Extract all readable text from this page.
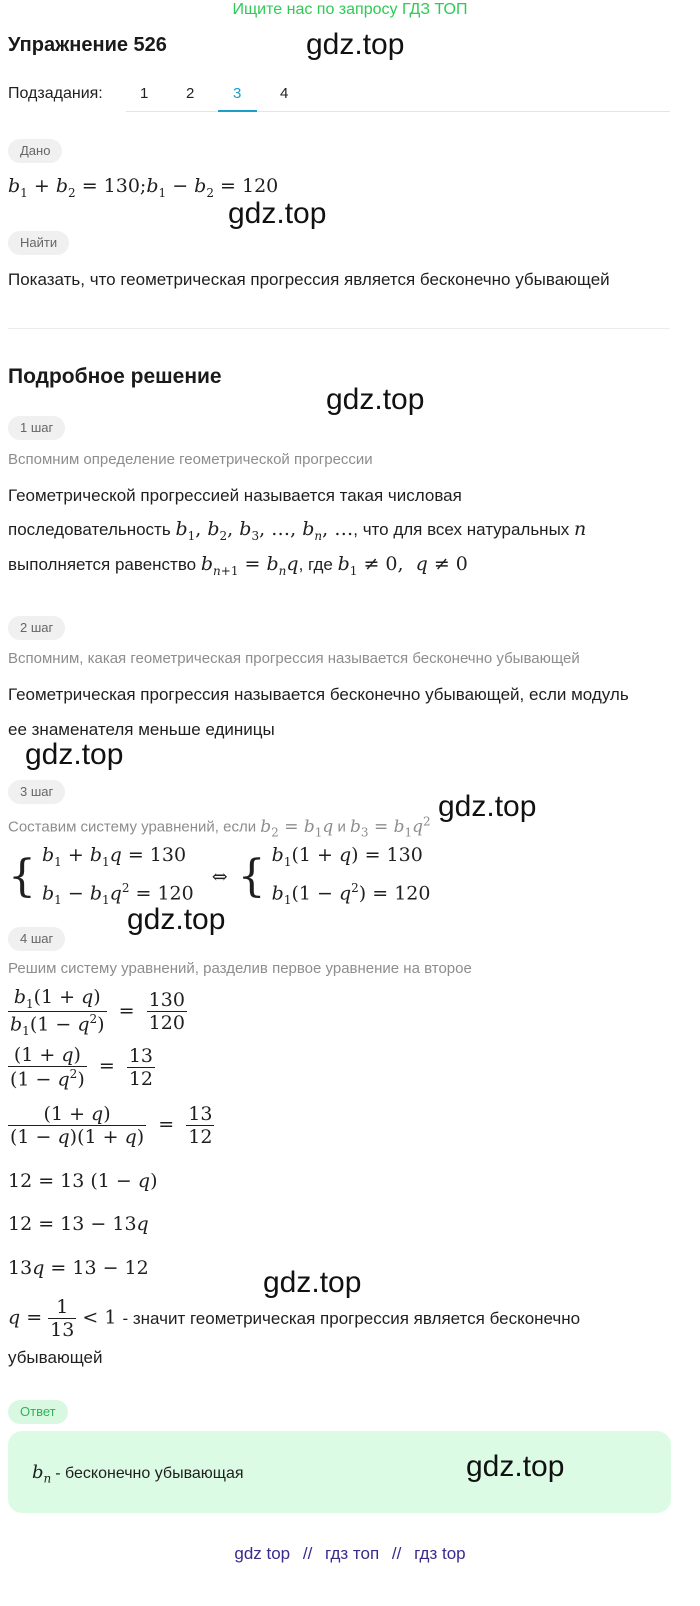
Ищите нас по запросу ГДЗ ТОП
Упражнение 526	gdz.top
Подзадания: 1	2	3	4
Дано
$b_1 + b_2$ = $130;b_1 - b_2 = 120$
gdz.top
Найти
Показать, что геометрическая прогрессия является бесконечно убывающей
Подробное решение
gdz.top
1 шаг
Вспомним определение геометрической прогрессии
Геометрической прогрессией называется такая числовая
последовательность $b_1$, $b_2$, $b_3$, …, $b_n$, …, что для всех натуральных n
выполняется равенство $b_{n+1} = b_nq$, где $b_1 \ne 0$,  q ≠ 0
2 шаг
Вспомним, какая геометрическая прогрессия называется бесконечно убывающей
Геометрическая прогрессия называется бесконечно убывающей, если модуль
ее знаменателя меньше единицы
gdz.top
3 шаг
Составим систему уравнений, если $b_2 = b_1q$ и $b_3 = b_1q^2$ gdz.top
{ $b_1 + b_1q = 130$
$b_1 - b_1q^2 = 120$
⇔ { $b_1(1 + q) = 130$
$b_1(1 - q^2) = 120$
gdz.top
4 шаг
Решим систему уравнений, разделив первое уравнение на второе
$\frac{b_1(1 + q)}{b_1(1 - q^2)} = \frac{130}{120}$
$\frac{(1 + q)}{(1 - q^2)} = \frac{13}{12}$
$\frac{(1 + q)}{(1 - q)(1 + q)} = \frac{13}{12}$
12 = 13 (1 − q)
12 = 13 − 13q
13q = 13 − 12	gdz.top
$q = \frac{1}{13} < 1$ - значит геометрическая прогрессия является бесконечно
убывающей
Ответ
$b_n$ - бесконечно убывающая	gdz.top
gdz top // гдз топ // гдз top
